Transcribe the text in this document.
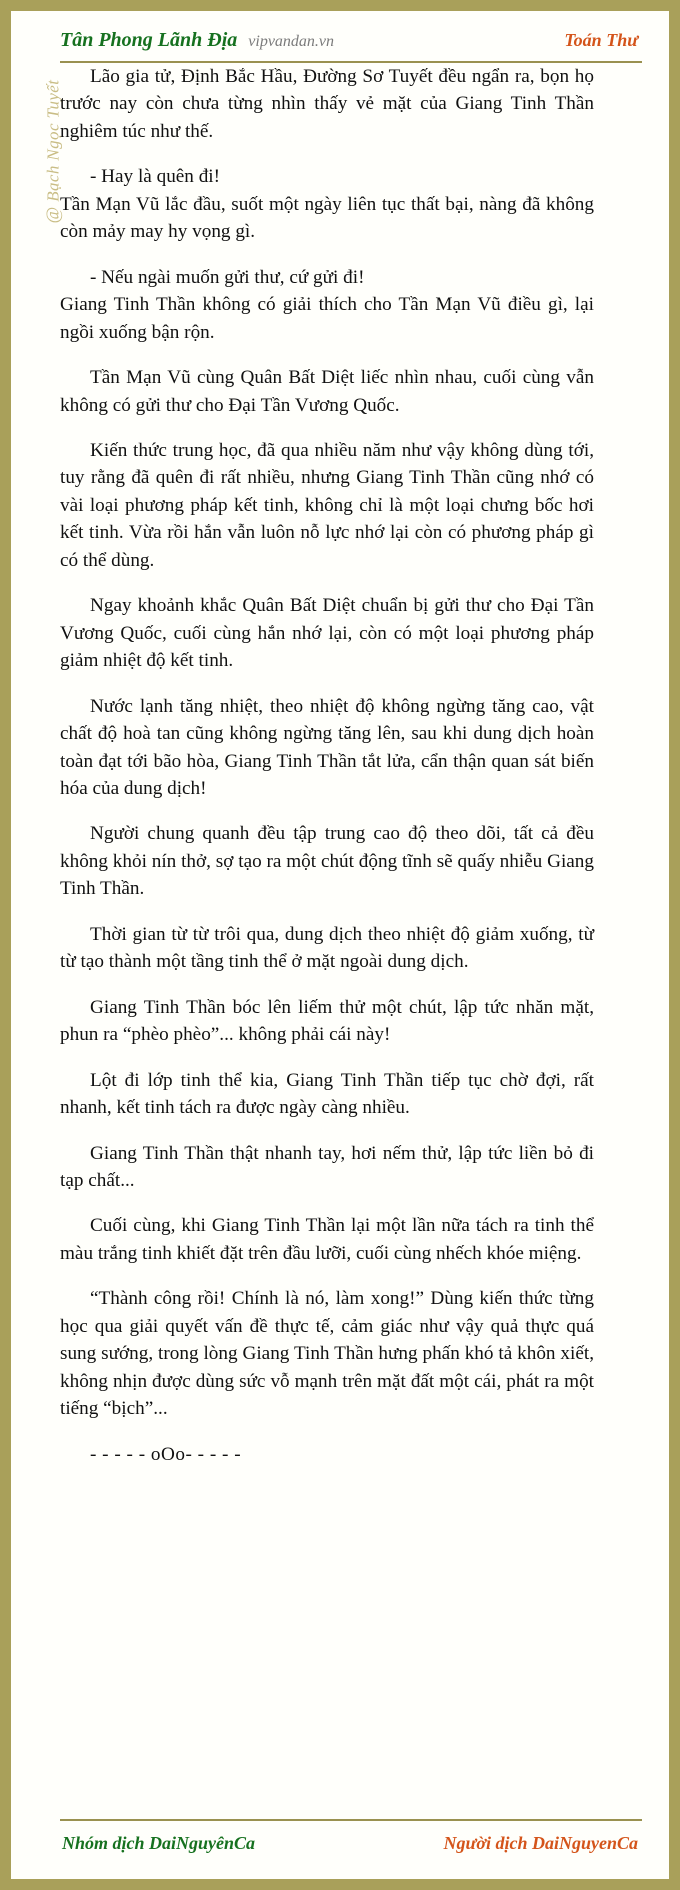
Tân Phong Lãnh Địa vipvandan.vn	Toán Thư
@ Bạch Ngọc Tuyết

Lão gia tử, Định Bắc Hầu, Đường Sơ Tuyết đều ngẩn ra, bọn họ trước nay còn chưa từng nhìn thấy vẻ mặt của Giang Tinh Thần nghiêm túc như thế.

- Hay là quên đi!
Tần Mạn Vũ lắc đầu, suốt một ngày liên tục thất bại, nàng đã không còn mảy may hy vọng gì.

- Nếu ngài muốn gửi thư, cứ gửi đi!
Giang Tinh Thần không có giải thích cho Tần Mạn Vũ điều gì, lại ngồi xuống bận rộn.

Tần Mạn Vũ cùng Quân Bất Diệt liếc nhìn nhau, cuối cùng vẫn không có gửi thư cho Đại Tần Vương Quốc.

Kiến thức trung học, đã qua nhiều năm như vậy không dùng tới, tuy rằng đã quên đi rất nhiều, nhưng Giang Tinh Thần cũng nhớ có vài loại phương pháp kết tinh, không chỉ là một loại chưng bốc hơi kết tinh. Vừa rồi hắn vẫn luôn nỗ lực nhớ lại còn có phương pháp gì có thể dùng.

Ngay khoảnh khắc Quân Bất Diệt chuẩn bị gửi thư cho Đại Tần Vương Quốc, cuối cùng hắn nhớ lại, còn có một loại phương pháp giảm nhiệt độ kết tinh.

Nước lạnh tăng nhiệt, theo nhiệt độ không ngừng tăng cao, vật chất độ hoà tan cũng không ngừng tăng lên, sau khi dung dịch hoàn toàn đạt tới bão hòa, Giang Tinh Thần tắt lửa, cẩn thận quan sát biến hóa của dung dịch!

Người chung quanh đều tập trung cao độ theo dõi, tất cả đều không khỏi nín thở, sợ tạo ra một chút động tĩnh sẽ quấy nhiễu Giang Tinh Thần.

Thời gian từ từ trôi qua, dung dịch theo nhiệt độ giảm xuống, từ từ tạo thành một tầng tinh thể ở mặt ngoài dung dịch.

Giang Tinh Thần bóc lên liếm thử một chút, lập tức nhăn mặt, phun ra “phèo phèo”... không phải cái này!

Lột đi lớp tinh thể kia, Giang Tinh Thần tiếp tục chờ đợi, rất nhanh, kết tinh tách ra được ngày càng nhiều.

Giang Tinh Thần thật nhanh tay, hơi nếm thử, lập tức liền bỏ đi tạp chất...

Cuối cùng, khi Giang Tinh Thần lại một lần nữa tách ra tinh thể màu trắng tinh khiết đặt trên đầu lưỡi, cuối cùng nhếch khóe miệng.

“Thành công rồi! Chính là nó, làm xong!” Dùng kiến thức từng học qua giải quyết vấn đề thực tế, cảm giác như vậy quả thực quá sung sướng, trong lòng Giang Tinh Thần hưng phấn khó tả khôn xiết, không nhịn được dùng sức vỗ mạnh trên mặt đất một cái, phát ra một tiếng “bịch”...

- - - - - oOo- - - - -
Nhóm dịch DaiNguyênCa	Người dịch DaiNguyenCa
